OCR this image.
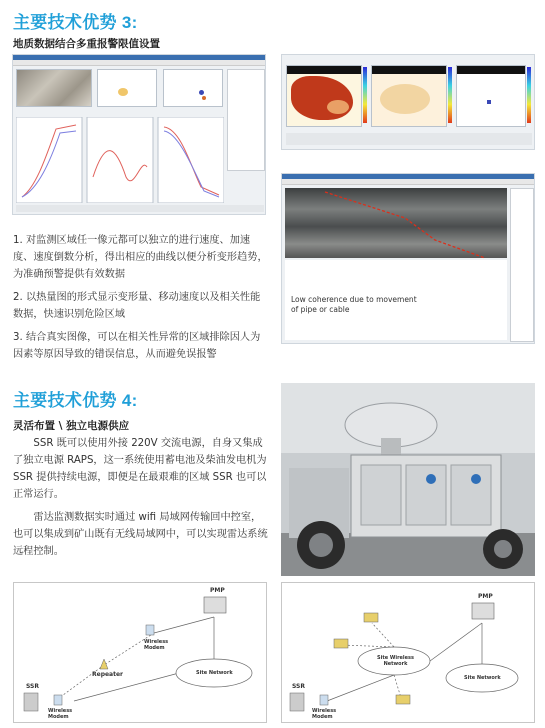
主要技术优势 3:
地质数据结合多重报警限值设置
Low coherence due to movement of pipe or cable

1. 对监测区域任一像元都可以独立的进行速度、加速度、速度倒数分析，得出相应的曲线以便分析变形趋势，为准确预警提供有效数据

2. 以热量图的形式显示变形量、移动速度以及相关性能数据，快速识别危险区域

3. 结合真实图像，可以在相关性异常的区域排除因人为因素等原因导致的错误信息，从而避免误报警

主要技术优势 4:
灵活布置 \ 独立电源供应

SSR 既可以使用外接 220V 交流电源，自身又集成了独立电源 RAPS，这一系统使用蓄电池及柴油发电机为 SSR 提供持续电源，即便是在最艰难的区域 SSR 也可以正常运行。

雷达监测数据实时通过 wifi 局域网传输回中控室，也可以集成到矿山既有无线局域网中，可以实现雷达系统远程控制。

PMP
Wireless
Modem
Repeater	Site Network
SSR
Wireless
Modem
PMP
Site Wireless
Network
Site Network
SSR
Wireless
Modem
